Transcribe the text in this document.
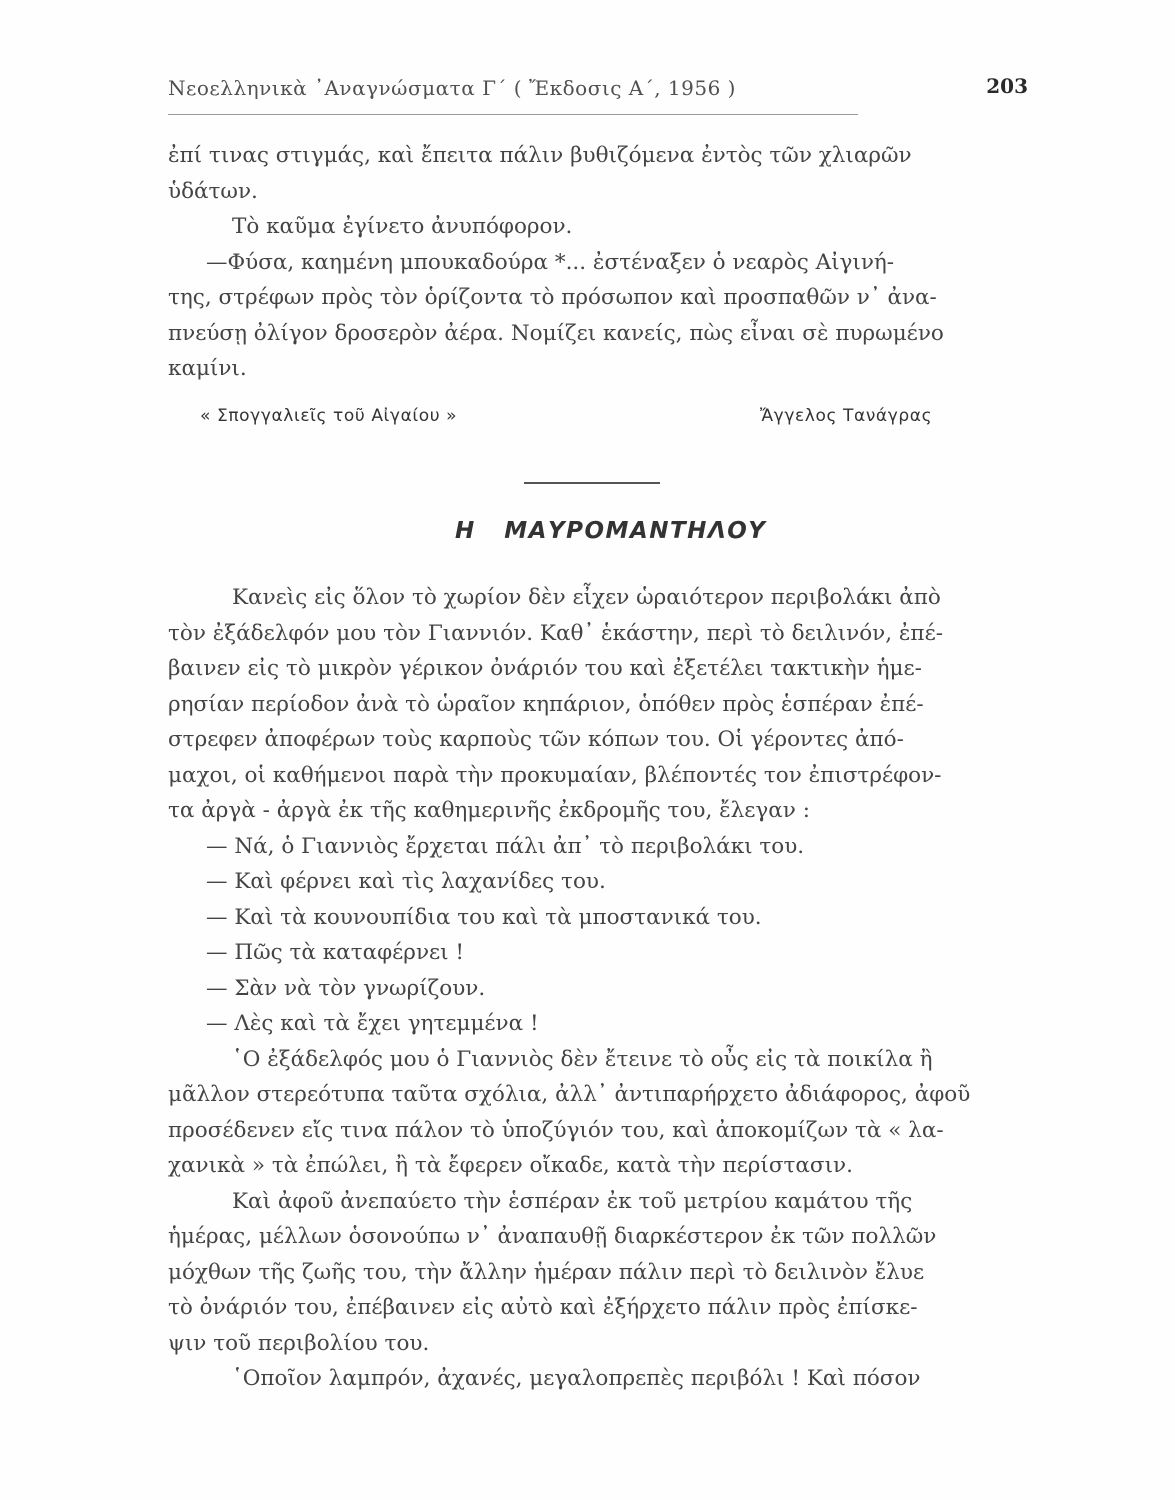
Νεοελληνικὰ ᾿Αναγνώσματα Γ´ ( Ἔκδοσις Α´, 1956 )	203
ἐπί τινας στιγμάς, καὶ ἔπειτα πάλιν βυθιζόμενα ἐντὸς τῶν χλιαρῶν
ὑδάτων.
Τὸ καῦμα ἐγίνετο ἀνυπόφορον.
—Φύσα, καημένη μπουκαδούρα *... ἐστέναξεν ὁ νεαρὸς Αἰγινή-
της, στρέφων πρὸς τὸν ὁρίζοντα τὸ πρόσωπον καὶ προσπαθῶν ν᾿ ἀνα-
πνεύσῃ ὀλίγον δροσερὸν ἀέρα. Νομίζει κανείς, πὼς εἶναι σὲ πυρωμένο
καμίνι.
« Σπογγαλιεῖς τοῦ Αἰγαίου »	Ἄγγελος Τανάγρας
Η   ΜΑΥΡΟΜΑΝΤΗΛΟΥ
Κανεὶς εἰς ὅλον τὸ χωρίον δὲν εἶχεν ὡραιότερον περιβολάκι ἀπὸ
τὸν ἐξάδελφόν μου τὸν Γιαννιόν. Καθ᾿ ἑκάστην, περὶ τὸ δειλινόν, ἐπέ-
βαινεν εἰς τὸ μικρὸν γέρικον ὀνάριόν του καὶ ἐξετέλει τακτικὴν ἡμε-
ρησίαν περίοδον ἀνὰ τὸ ὡραῖον κηπάριον, ὁπόθεν πρὸς ἑσπέραν ἐπέ-
στρεφεν ἀποφέρων τοὺς καρποὺς τῶν κόπων του. Οἱ γέροντες ἀπό-
μαχοι, οἱ καθήμενοι παρὰ τὴν προκυμαίαν, βλέποντές τον ἐπιστρέφον-
τα ἀργὰ - ἀργὰ ἐκ τῆς καθημερινῆς ἐκδρομῆς του, ἔλεγαν :
— Νά, ὁ Γιαννιὸς ἔρχεται πάλι ἀπ᾿ τὸ περιβολάκι του.
— Καὶ φέρνει καὶ τὶς λαχανίδες του.
— Καὶ τὰ κουνουπίδια του καὶ τὰ μποστανικά του.
— Πῶς τὰ καταφέρνει !
— Σὰν νὰ τὸν γνωρίζουν.
— Λὲς καὶ τὰ ἔχει γητεμμένα !
῾Ο ἐξάδελφός μου ὁ Γιαννιὸς δὲν ἔτεινε τὸ οὖς εἰς τὰ ποικίλα ἢ
μᾶλλον στερεότυπα ταῦτα σχόλια, ἀλλ᾿ ἀντιπαρήρχετο ἀδιάφορος, ἀφοῦ
προσέδενεν εἴς τινα πάλον τὸ ὑποζύγιόν του, καὶ ἀποκομίζων τὰ « λα-
χανικὰ » τὰ ἐπώλει, ἢ τὰ ἔφερεν οἴκαδε, κατὰ τὴν περίστασιν.
Καὶ ἀφοῦ ἀνεπαύετο τὴν ἑσπέραν ἐκ τοῦ μετρίου καμάτου τῆς
ἡμέρας, μέλλων ὁσονούπω ν᾿ ἀναπαυθῇ διαρκέστερον ἐκ τῶν πολλῶν
μόχθων τῆς ζωῆς του, τὴν ἄλλην ἡμέραν πάλιν περὶ τὸ δειλινὸν ἔλυε
τὸ ὀνάριόν του, ἐπέβαινεν εἰς αὐτὸ καὶ ἐξήρχετο πάλιν πρὸς ἐπίσκε-
ψιν τοῦ περιβολίου του.
῾Οποῖον λαμπρόν, ἀχανές, μεγαλοπρεπὲς περιβόλι ! Καὶ πόσον
